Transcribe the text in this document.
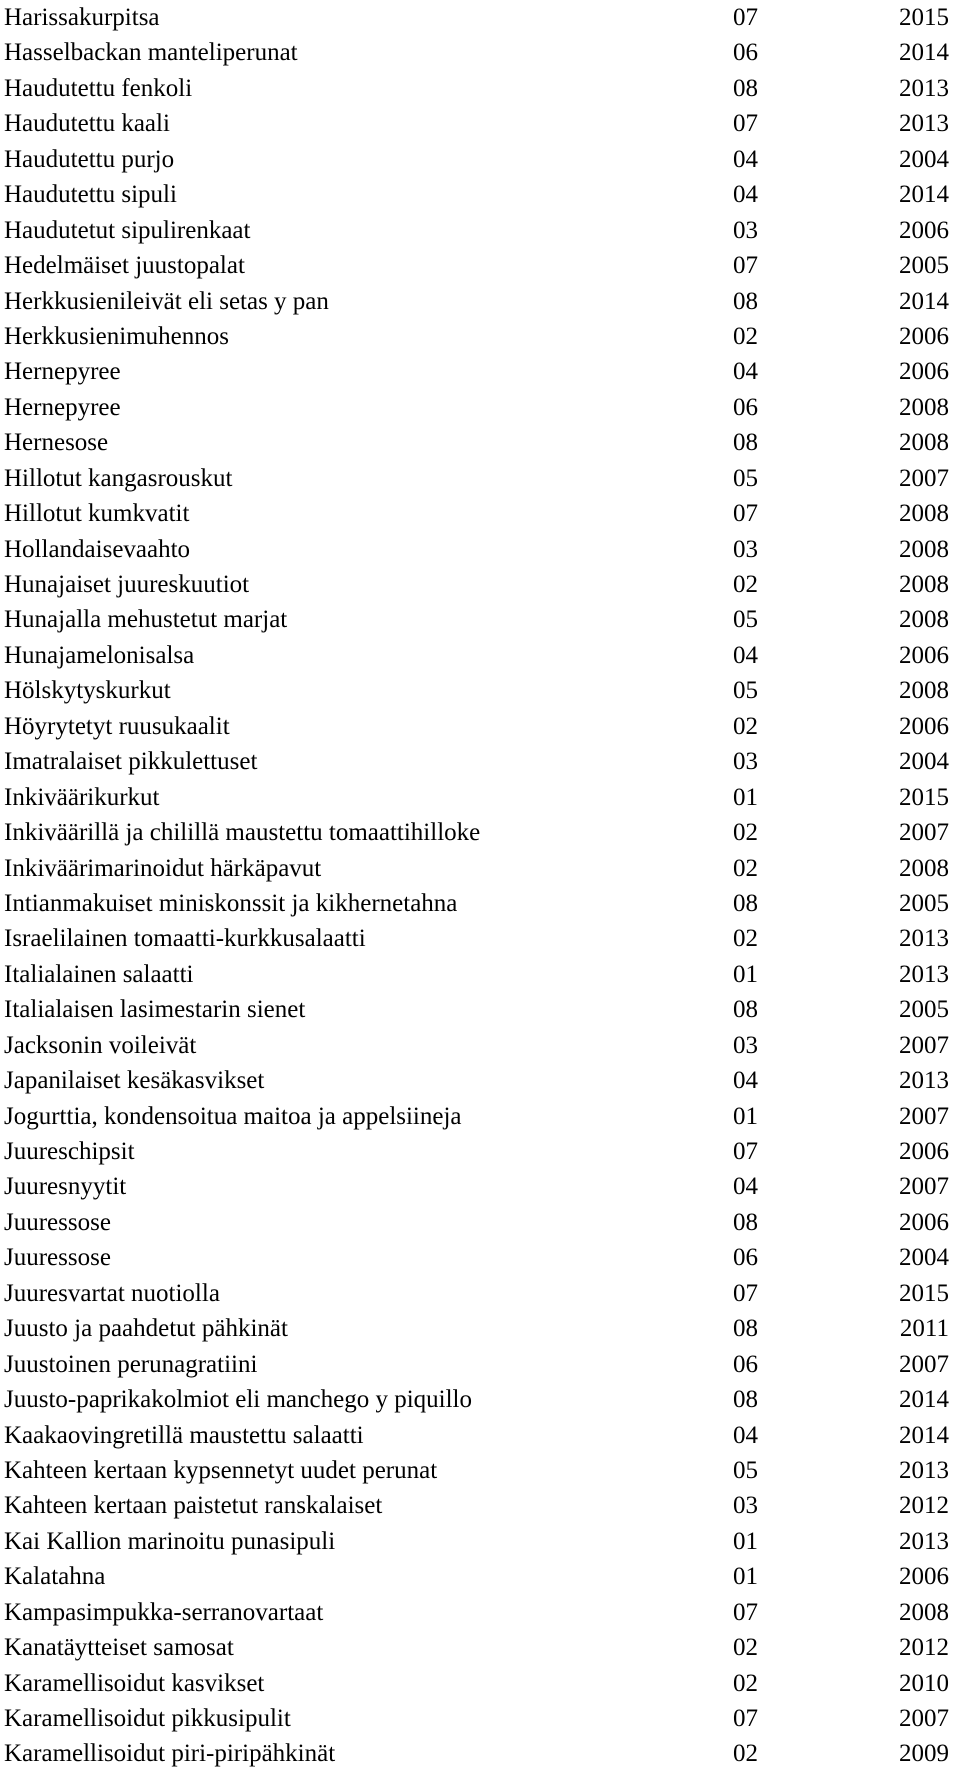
Harissakurpitsa	07	2015
Hasselbackan manteliperunat	06	2014
Haudutettu fenkoli	08	2013
Haudutettu kaali	07	2013
Haudutettu purjo	04	2004
Haudutettu sipuli	04	2014
Haudutetut sipulirenkaat	03	2006
Hedelmäiset juustopalat	07	2005
Herkkusienileivät eli setas y pan	08	2014
Herkkusienimuhennos	02	2006
Hernepyree	04	2006
Hernepyree	06	2008
Hernesose	08	2008
Hillotut kangasrouskut	05	2007
Hillotut kumkvatit	07	2008
Hollandaisevaahto	03	2008
Hunajaiset juureskuutiot	02	2008
Hunajalla mehustetut marjat	05	2008
Hunajamelonisalsa	04	2006
Hölskytyskurkut	05	2008
Höyrytetyt ruusukaalit	02	2006
Imatralaiset pikkulettuset	03	2004
Inkiväärikurkut	01	2015
Inkiväärillä ja chilillä maustettu tomaattihilloke	02	2007
Inkiväärimarinoidut härkäpavut	02	2008
Intianmakuiset miniskonssit ja kikhernetahna	08	2005
Israelilainen tomaatti-kurkkusalaatti	02	2013
Italialainen salaatti	01	2013
Italialaisen lasimestarin sienet	08	2005
Jacksonin voileivät	03	2007
Japanilaiset kesäkasvikset	04	2013
Jogurttia, kondensoitua maitoa ja appelsiineja	01	2007
Juureschipsit	07	2006
Juuresnyytit	04	2007
Juuressose	08	2006
Juuressose	06	2004
Juuresvartat nuotiolla	07	2015
Juusto ja paahdetut pähkinät	08	2011
Juustoinen perunagratiini	06	2007
Juusto-paprikakolmiot eli manchego y piquillo	08	2014
Kaakaovingretillä maustettu salaatti	04	2014
Kahteen kertaan kypsennetyt uudet perunat	05	2013
Kahteen kertaan paistetut ranskalaiset	03	2012
Kai Kallion marinoitu punasipuli	01	2013
Kalatahna	01	2006
Kampasimpukka-serranovartaat	07	2008
Kanatäytteiset samosat	02	2012
Karamellisoidut kasvikset	02	2010
Karamellisoidut pikkusipulit	07	2007
Karamellisoidut piri-piripähkinät	02	2009
